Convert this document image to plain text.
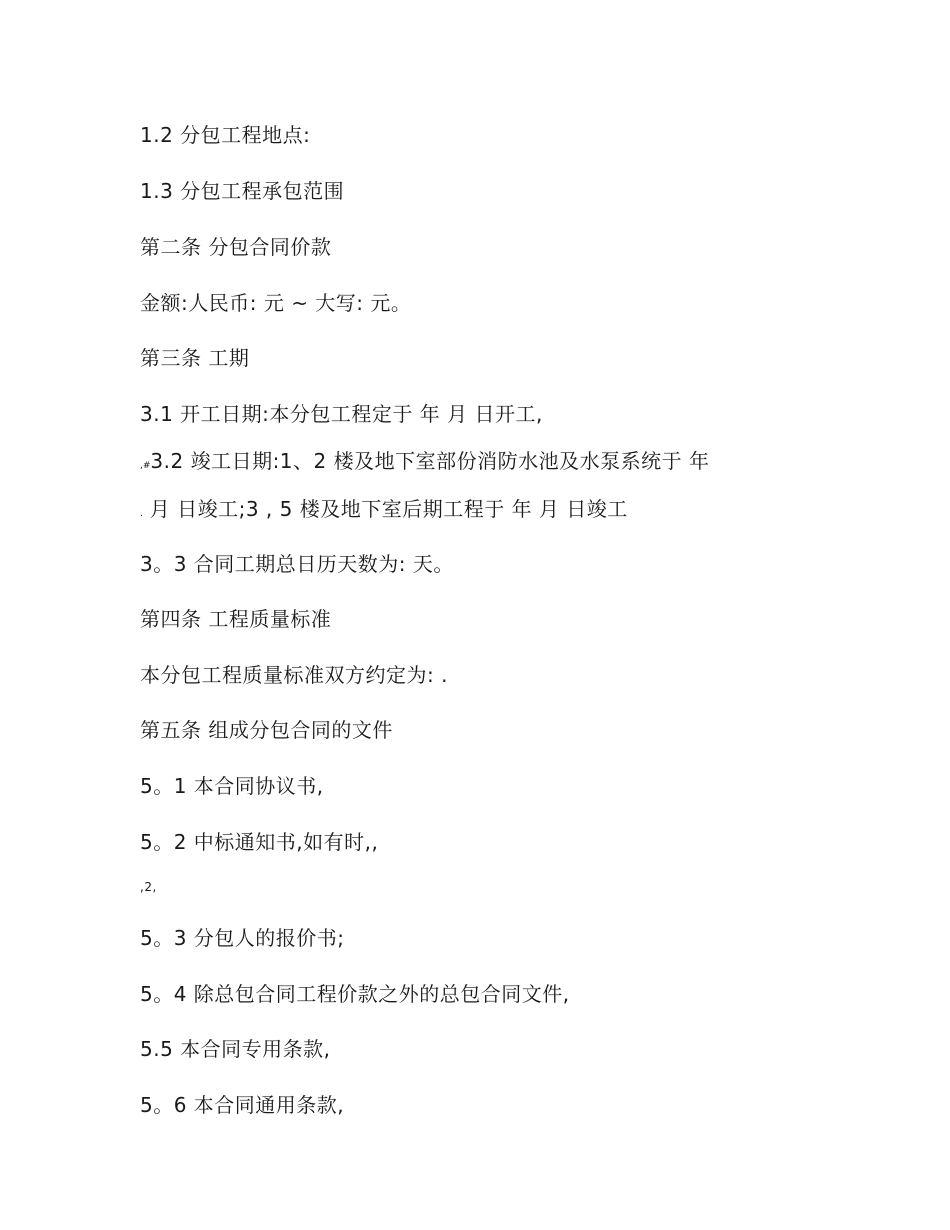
1.2 分包工程地点:
1.3 分包工程承包范围
第二条 分包合同价款
金额:人民币: 元 ~ 大写: 元。
第三条 工期
3.1 开工日期:本分包工程定于 年 月 日开工,
,#3.2 竣工日期:1、2 楼及地下室部份消防水池及水泵系统于 年
. 月 日竣工;3 , 5 楼及地下室后期工程于 年 月 日竣工
3。3 合同工期总日历天数为: 天。
第四条 工程质量标准
本分包工程质量标准双方约定为: .
第五条 组成分包合同的文件
5。1 本合同协议书,
5。2 中标通知书,如有时,,
,2,
5。3 分包人的报价书;
5。4 除总包合同工程价款之外的总包合同文件,
5.5 本合同专用条款,
5。6 本合同通用条款,
